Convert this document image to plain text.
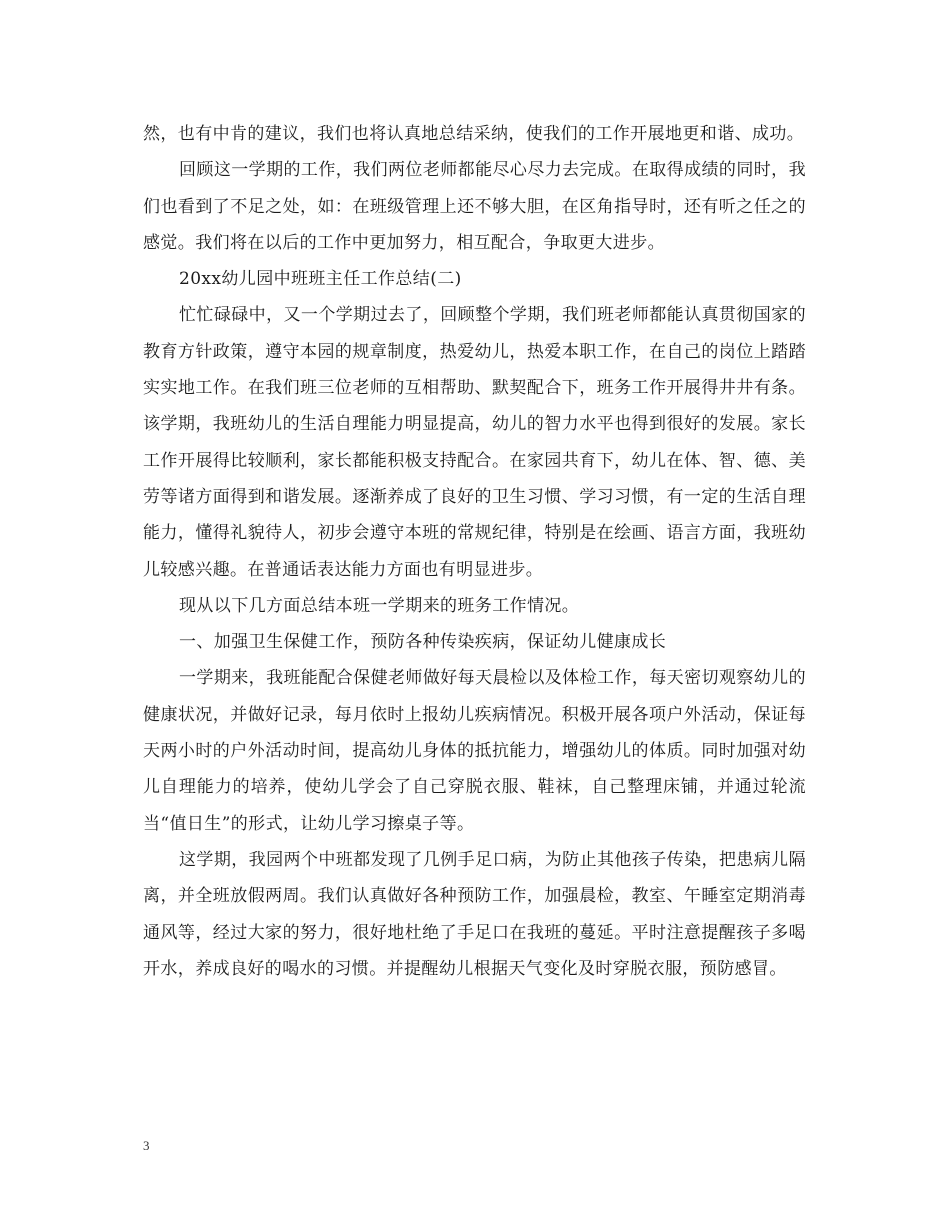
然，也有中肯的建议，我们也将认真地总结采纳，使我们的工作开展地更和谐、成功。

回顾这一学期的工作，我们两位老师都能尽心尽力去完成。在取得成绩的同时，我们也看到了不足之处，如：在班级管理上还不够大胆，在区角指导时，还有听之任之的感觉。我们将在以后的工作中更加努力，相互配合，争取更大进步。

20xx幼儿园中班班主任工作总结(二)

忙忙碌碌中，又一个学期过去了，回顾整个学期，我们班老师都能认真贯彻国家的教育方针政策，遵守本园的规章制度，热爱幼儿，热爱本职工作，在自己的岗位上踏踏实实地工作。在我们班三位老师的互相帮助、默契配合下，班务工作开展得井井有条。该学期，我班幼儿的生活自理能力明显提高，幼儿的智力水平也得到很好的发展。家长工作开展得比较顺利，家长都能积极支持配合。在家园共育下，幼儿在体、智、德、美劳等诸方面得到和谐发展。逐渐养成了良好的卫生习惯、学习习惯，有一定的生活自理能力，懂得礼貌待人，初步会遵守本班的常规纪律，特别是在绘画、语言方面，我班幼儿较感兴趣。在普通话表达能力方面也有明显进步。

现从以下几方面总结本班一学期来的班务工作情况。

一、加强卫生保健工作，预防各种传染疾病，保证幼儿健康成长

一学期来，我班能配合保健老师做好每天晨检以及体检工作，每天密切观察幼儿的健康状况，并做好记录，每月依时上报幼儿疾病情况。积极开展各项户外活动，保证每天两小时的户外活动时间，提高幼儿身体的抵抗能力，增强幼儿的体质。同时加强对幼儿自理能力的培养，使幼儿学会了自己穿脱衣服、鞋袜，自己整理床铺，并通过轮流当“值日生”的形式，让幼儿学习擦桌子等。

这学期，我园两个中班都发现了几例手足口病，为防止其他孩子传染，把患病儿隔离，并全班放假两周。我们认真做好各种预防工作，加强晨检，教室、午睡室定期消毒通风等，经过大家的努力，很好地杜绝了手足口在我班的蔓延。平时注意提醒孩子多喝开水，养成良好的喝水的习惯。并提醒幼儿根据天气变化及时穿脱衣服，预防感冒。

3
